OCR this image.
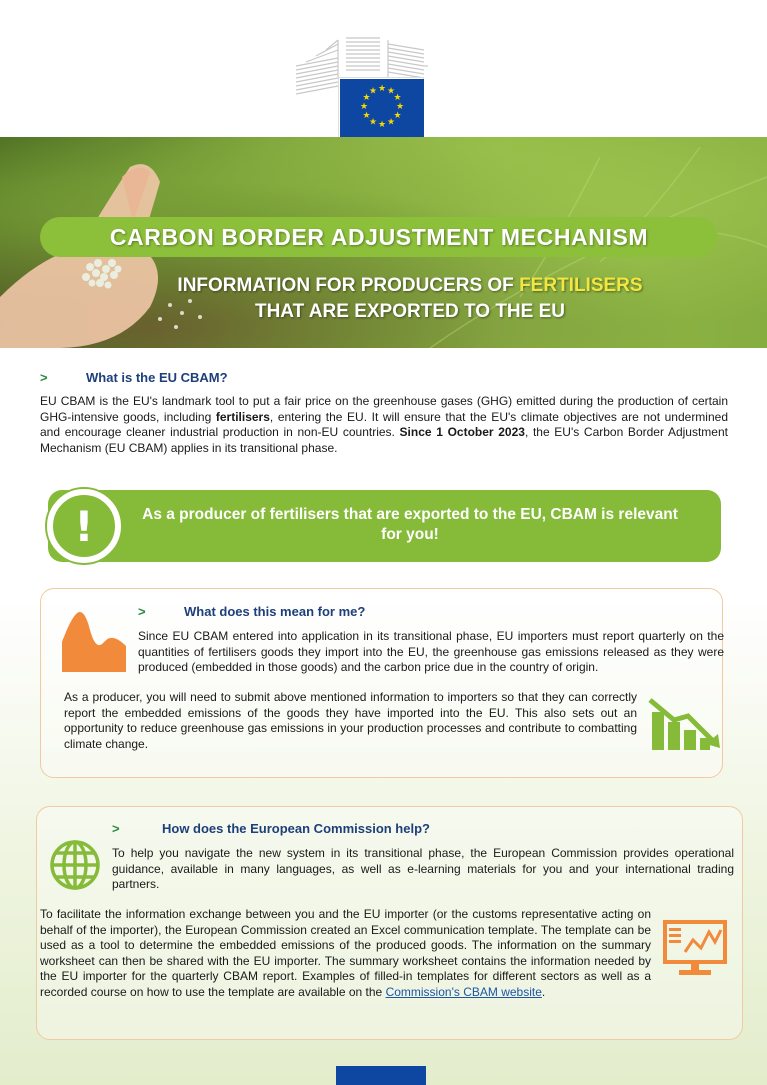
★ ★
★
★
★
★
★
★
★
★
★
★
CARBON BORDER ADJUSTMENT MECHANISM
INFORMATION FOR PRODUCERS OF FERTILISERS
THAT ARE EXPORTED TO THE EU
>	What is the EU CBAM?
EU CBAM is the EU's landmark tool to put a fair price on the greenhouse gases (GHG) emitted during the production of certain GHG-intensive goods, including fertilisers, entering the EU. It will ensure that the EU's climate objectives are not undermined and encourage cleaner industrial production in non-EU countries. Since 1 October 2023, the EU's Carbon Border Adjustment Mechanism (EU CBAM) applies in its transitional phase.
!	As a producer of fertilisers that are exported to the EU, CBAM is relevant for you!
>	What does this mean for me?
Since EU CBAM entered into application in its transitional phase, EU importers must report quarterly on the quantities of fertilisers goods they import into the EU, the greenhouse gas emissions released as they were produced (embedded in those goods) and the carbon price due in the country of origin.
As a producer, you will need to submit above mentioned information to importers so that they can correctly report the embedded emissions of the goods they have imported into the EU. This also sets out an opportunity to reduce greenhouse gas emissions in your production processes and contribute to combatting climate change.
>	How does the European Commission help?
To help you navigate the new system in its transitional phase, the European Commission provides operational guidance, available in many languages, as well as e-learning materials for you and your international trading partners.
To facilitate the information exchange between you and the EU importer (or the customs representative acting on behalf of the importer), the European Commission created an Excel communication template. The template can be used as a tool to determine the embedded emissions of the produced goods. The information on the summary worksheet can then be shared with the EU importer. The summary worksheet contains the information needed by the EU importer for the quarterly CBAM report. Examples of filled-in templates for different sectors as well as a recorded course on how to use the template are available on the Commission's CBAM website.
